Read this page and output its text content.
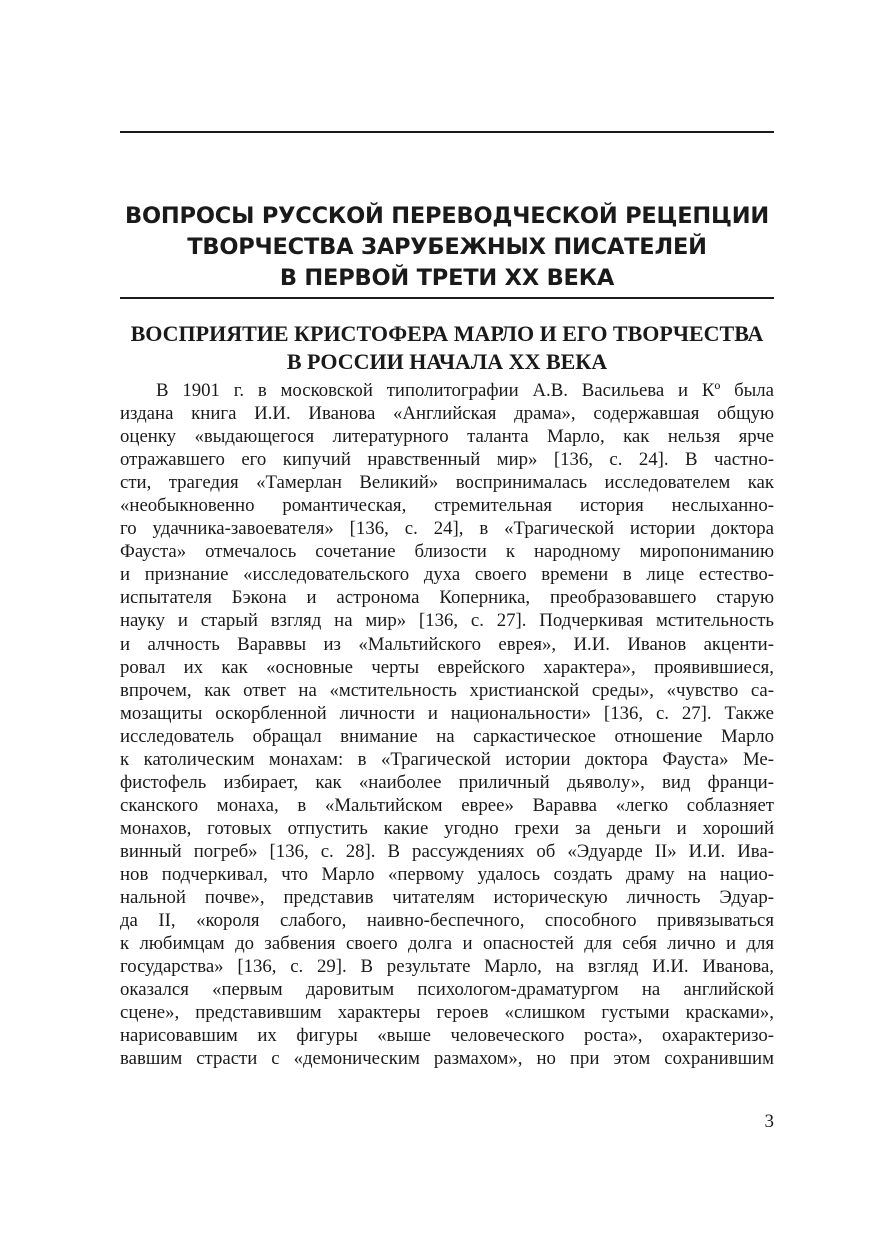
ВОПРОСЫ РУССКОЙ ПЕРЕВОДЧЕСКОЙ РЕЦЕПЦИИ
ТВОРЧЕСТВА ЗАРУБЕЖНЫХ ПИСАТЕЛЕЙ
В ПЕРВОЙ ТРЕТИ XX ВЕКА
ВОСПРИЯТИЕ КРИСТОФЕРА МАРЛО И ЕГО ТВОРЧЕСТВА
В РОССИИ НАЧАЛА XX ВЕКА
В 1901 г. в московской типолитографии А.В. Васильева и Кº была
издана книга И.И. Иванова «Английская драма», содержавшая общую
оценку «выдающегося литературного таланта Марло, как нельзя ярче
отражавшего его кипучий нравственный мир» [136, с. 24]. В частно-
сти, трагедия «Тамерлан Великий» воспринималась исследователем как
«необыкновенно романтическая, стремительная история неслыханно-
го удачника-завоевателя» [136, с. 24], в «Трагической истории доктора
Фауста» отмечалось сочетание близости к народному миропониманию
и признание «исследовательского духа своего времени в лице естество-
испытателя Бэкона и астронома Коперника, преобразовавшего старую
науку и старый взгляд на мир» [136, с. 27]. Подчеркивая мстительность
и алчность Вараввы из «Мальтийского еврея», И.И. Иванов акценти-
ровал их как «основные черты еврейского характера», проявившиеся,
впрочем, как ответ на «мстительность христианской среды», «чувство са-
мозащиты оскорбленной личности и национальности» [136, с. 27]. Также
исследователь обращал внимание на саркастическое отношение Марло
к католическим монахам: в «Трагической истории доктора Фауста» Ме-
фистофель избирает, как «наиболее приличный дьяволу», вид франци-
сканского монаха, в «Мальтийском еврее» Варавва «легко соблазняет
монахов, готовых отпустить какие угодно грехи за деньги и хороший
винный погреб» [136, с. 28]. В рассуждениях об «Эдуарде II» И.И. Ива-
нов подчеркивал, что Марло «первому удалось создать драму на нацио-
нальной почве», представив читателям историческую личность Эдуар-
да II, «короля слабого, наивно-беспечного, способного привязываться
к любимцам до забвения своего долга и опасностей для себя лично и для
государства» [136, с. 29]. В результате Марло, на взгляд И.И. Иванова,
оказался «первым даровитым психологом-драматургом на английской
сцене», представившим характеры героев «слишком густыми красками»,
нарисовавшим их фигуры «выше человеческого роста», охарактеризо-
вавшим страсти с «демоническим размахом», но при этом сохранившим
3
